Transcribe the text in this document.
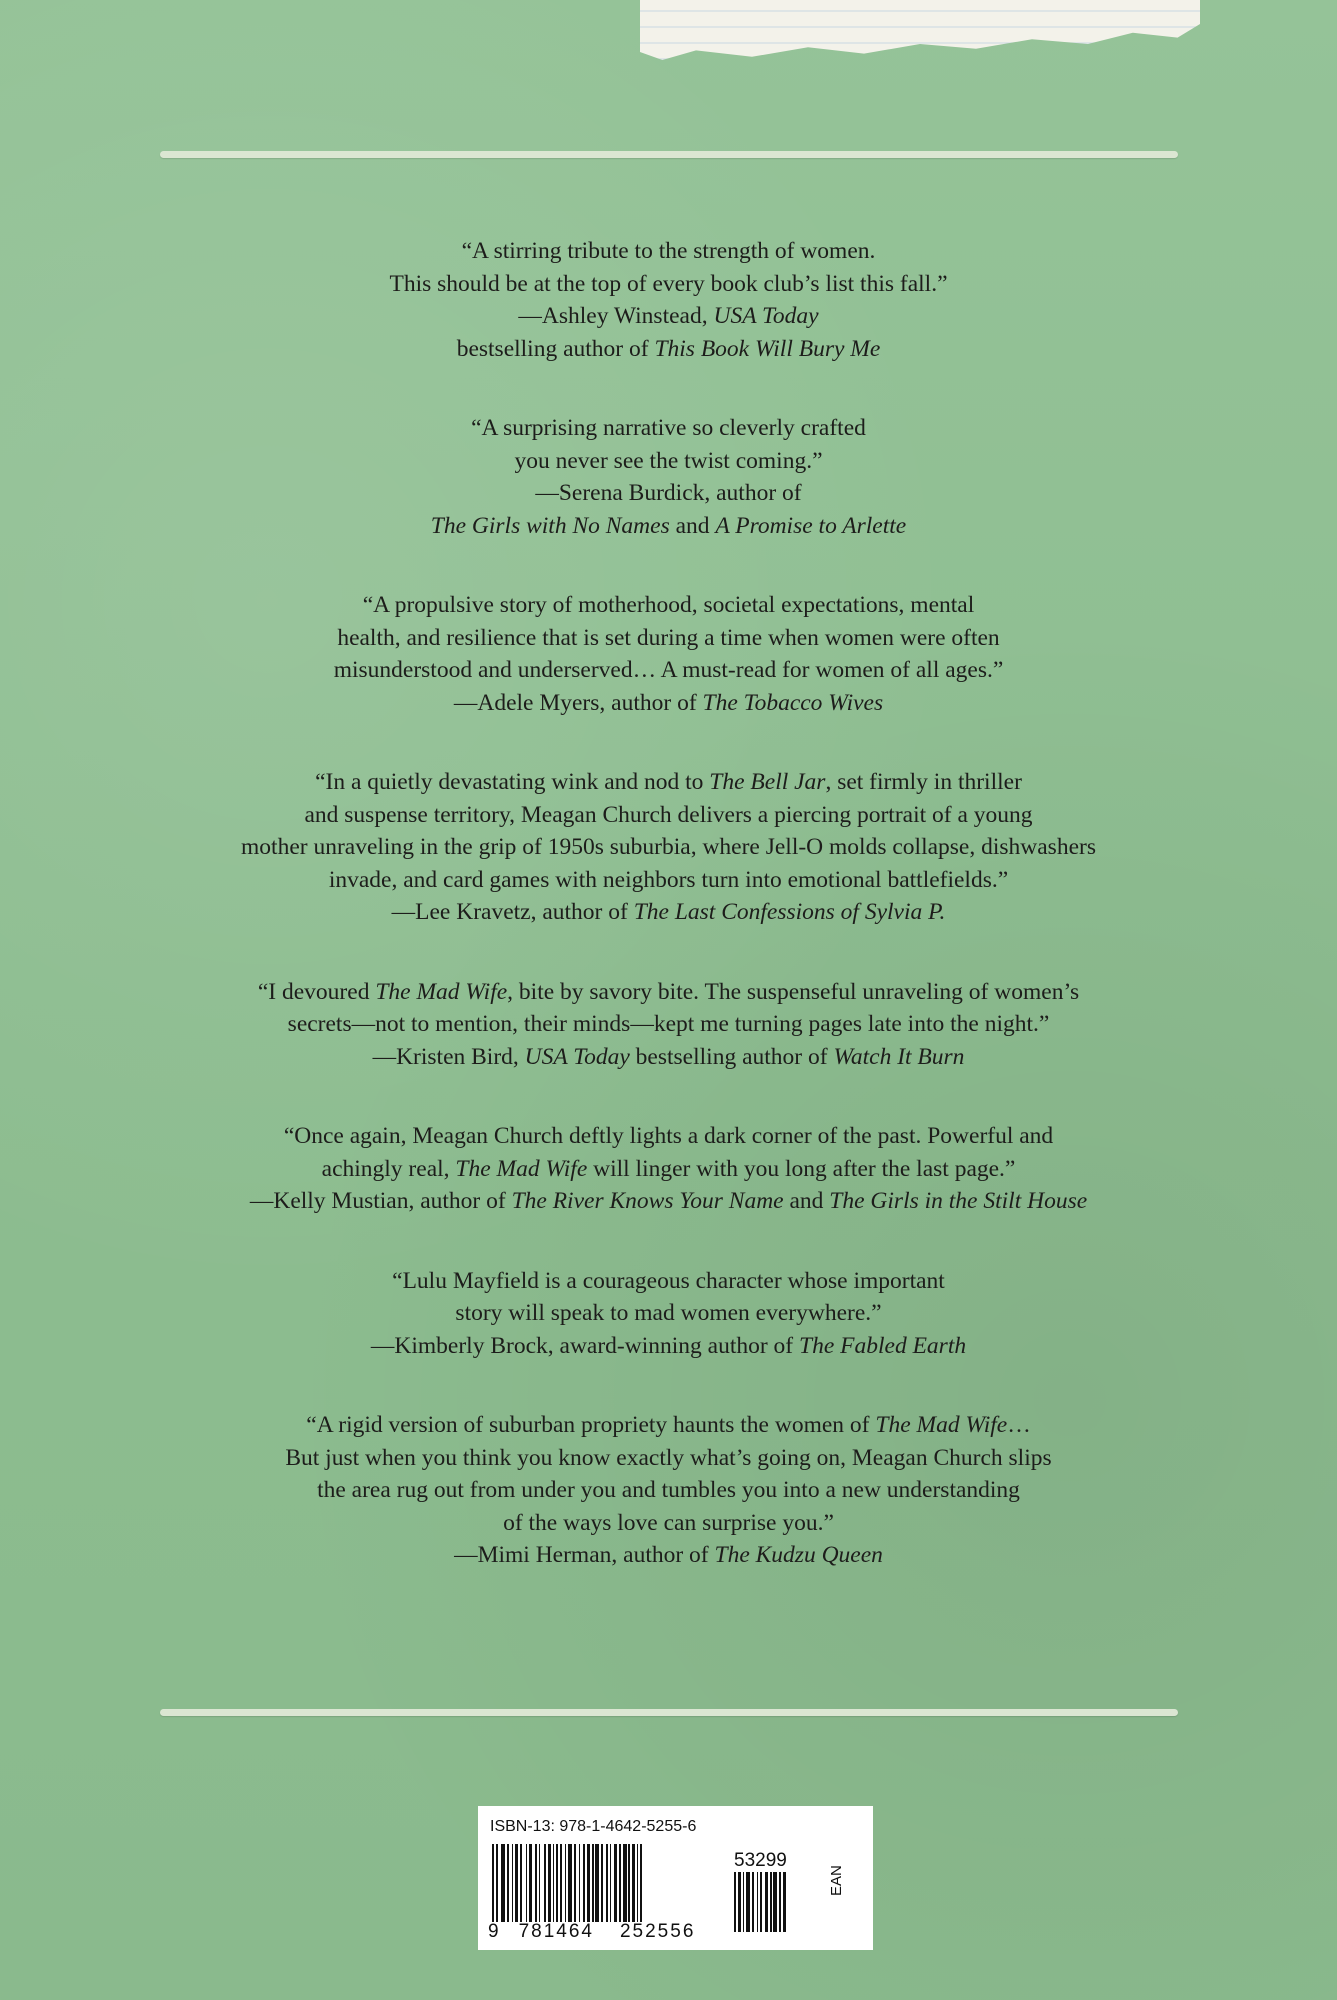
“A stirring tribute to the strength of women.
This should be at the top of every book club’s list this fall.”
—Ashley Winstead, USA Today
bestselling author of This Book Will Bury Me
“A surprising narrative so cleverly crafted
you never see the twist coming.”
—Serena Burdick, author of
The Girls with No Names and A Promise to Arlette
“A propulsive story of motherhood, societal expectations, mental
health, and resilience that is set during a time when women were often
misunderstood and underserved… A must-read for women of all ages.”
—Adele Myers, author of The Tobacco Wives
“In a quietly devastating wink and nod to The Bell Jar, set firmly in thriller
and suspense territory, Meagan Church delivers a piercing portrait of a young
mother unraveling in the grip of 1950s suburbia, where Jell-O molds collapse, dishwashers
invade, and card games with neighbors turn into emotional battlefields.”
—Lee Kravetz, author of The Last Confessions of Sylvia P.
“I devoured The Mad Wife, bite by savory bite. The suspenseful unraveling of women’s
secrets—not to mention, their minds—kept me turning pages late into the night.”
—Kristen Bird, USA Today bestselling author of Watch It Burn
“Once again, Meagan Church deftly lights a dark corner of the past. Powerful and
achingly real, The Mad Wife will linger with you long after the last page.”
—Kelly Mustian, author of The River Knows Your Name and The Girls in the Stilt House
“Lulu Mayfield is a courageous character whose important
story will speak to mad women everywhere.”
—Kimberly Brock, award-winning author of The Fabled Earth
“A rigid version of suburban propriety haunts the women of The Mad Wife…
But just when you think you know exactly what’s going on, Meagan Church slips
the area rug out from under you and tumbles you into a new understanding
of the ways love can surprise you.”
—Mimi Herman, author of The Kudzu Queen
ISBN-13: 978-1-4642-5255-6
53299
EAN
9 781464 252556
